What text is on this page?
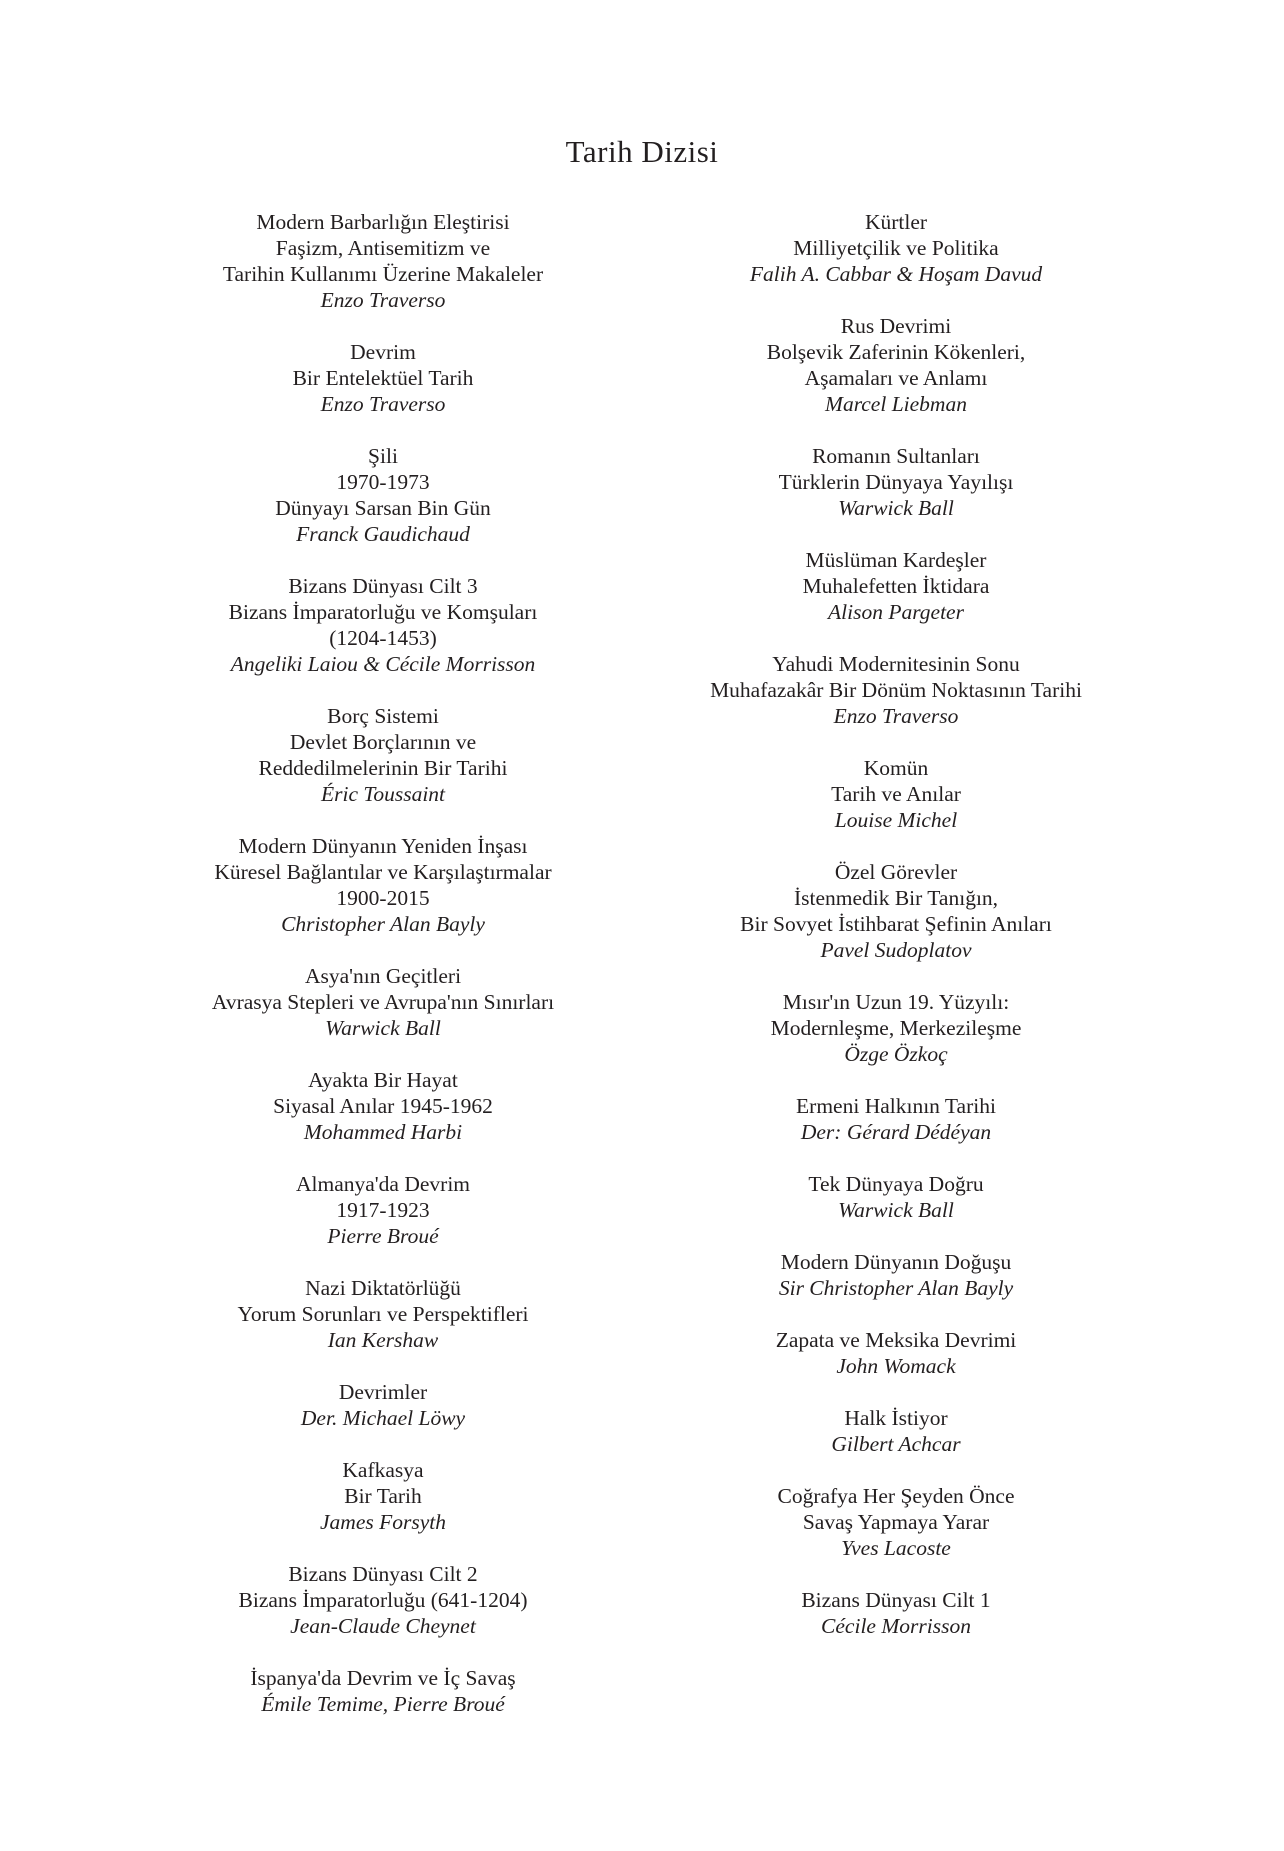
Tarih Dizisi
Modern Barbarlığın Eleştirisi
Faşizm, Antisemitizm ve
Tarihin Kullanımı Üzerine Makaleler
Enzo Traverso
Devrim
Bir Entelektüel Tarih
Enzo Traverso
Şili
1970-1973
Dünyayı Sarsan Bin Gün
Franck Gaudichaud
Bizans Dünyası Cilt 3
Bizans İmparatorluğu ve Komşuları
(1204-1453)
Angeliki Laiou & Cécile Morrisson
Borç Sistemi
Devlet Borçlarının ve
Reddedilmelerinin Bir Tarihi
Éric Toussaint
Modern Dünyanın Yeniden İnşası
Küresel Bağlantılar ve Karşılaştırmalar
1900-2015
Christopher Alan Bayly
Asya'nın Geçitleri
Avrasya Stepleri ve Avrupa'nın Sınırları
Warwick Ball
Ayakta Bir Hayat
Siyasal Anılar 1945-1962
Mohammed Harbi
Almanya'da Devrim
1917-1923
Pierre Broué
Nazi Diktatörlüğü
Yorum Sorunları ve Perspektifleri
Ian Kershaw
Devrimler
Der. Michael Löwy
Kafkasya
Bir Tarih
James Forsyth
Bizans Dünyası Cilt 2
Bizans İmparatorluğu (641-1204)
Jean-Claude Cheynet
İspanya'da Devrim ve İç Savaş
Émile Temime, Pierre Broué
Kürtler
Milliyetçilik ve Politika
Falih A. Cabbar & Hoşam Davud
Rus Devrimi
Bolşevik Zaferinin Kökenleri,
Aşamaları ve Anlamı
Marcel Liebman
Romanın Sultanları
Türklerin Dünyaya Yayılışı
Warwick Ball
Müslüman Kardeşler
Muhalefetten İktidara
Alison Pargeter
Yahudi Modernitesinin Sonu
Muhafazakâr Bir Dönüm Noktasının Tarihi
Enzo Traverso
Komün
Tarih ve Anılar
Louise Michel
Özel Görevler
İstenmedik Bir Tanığın,
Bir Sovyet İstihbarat Şefinin Anıları
Pavel Sudoplatov
Mısır'ın Uzun 19. Yüzyılı:
Modernleşme, Merkezileşme
Özge Özkoç
Ermeni Halkının Tarihi
Der: Gérard Dédéyan
Tek Dünyaya Doğru
Warwick Ball
Modern Dünyanın Doğuşu
Sir Christopher Alan Bayly
Zapata ve Meksika Devrimi
John Womack
Halk İstiyor
Gilbert Achcar
Coğrafya Her Şeyden Önce
Savaş Yapmaya Yarar
Yves Lacoste
Bizans Dünyası Cilt 1
Cécile Morrisson
